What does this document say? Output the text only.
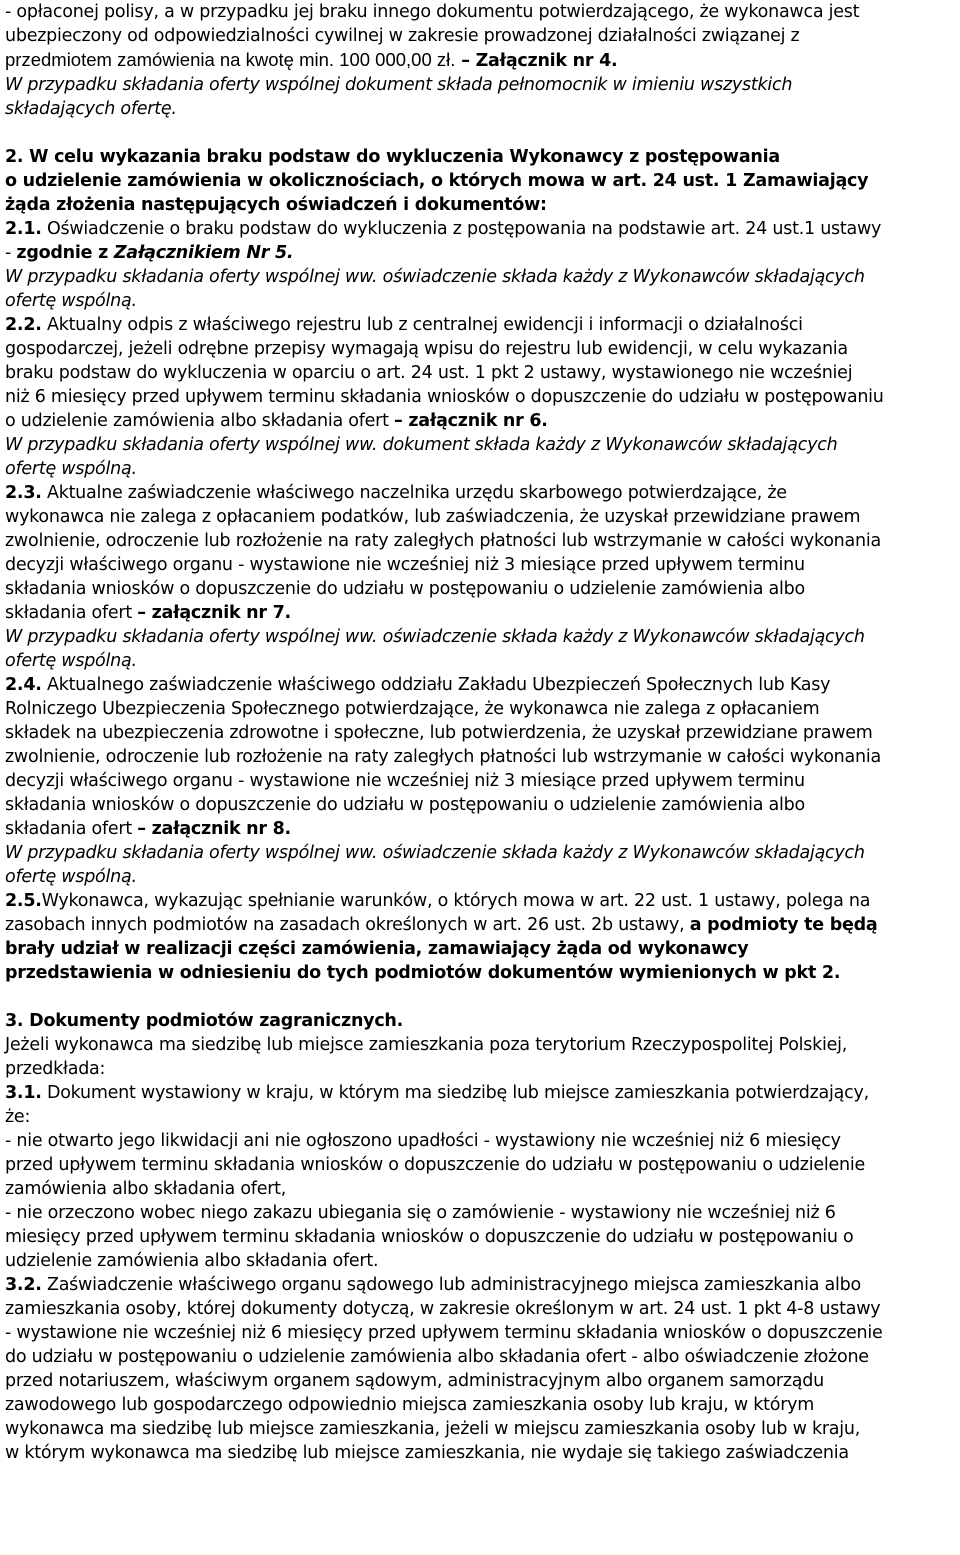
- opłaconej polisy, a w przypadku jej braku innego dokumentu potwierdzającego, że wykonawca jest

ubezpieczony od odpowiedzialności cywilnej w zakresie prowadzonej działalności związanej z

przedmiotem zamówienia na kwotę min. 100 000,00 zł. – Załącznik nr 4.

W przypadku składania oferty wspólnej dokument składa pełnomocnik w imieniu wszystkich

składających ofertę.

2. W celu wykazania braku podstaw do wykluczenia Wykonawcy z postępowania

o udzielenie zamówienia w okolicznościach, o których mowa w art. 24 ust. 1 Zamawiający

żąda złożenia następujących oświadczeń i dokumentów:

2.1. Oświadczenie o braku podstaw do wykluczenia z postępowania na podstawie art. 24 ust.1 ustawy

- zgodnie z Załącznikiem Nr 5.

W przypadku składania oferty wspólnej ww. oświadczenie składa każdy z Wykonawców składających

ofertę wspólną.

2.2. Aktualny odpis z właściwego rejestru lub z centralnej ewidencji i informacji o działalności

gospodarczej, jeżeli odrębne przepisy wymagają wpisu do rejestru lub ewidencji, w celu wykazania

braku podstaw do wykluczenia w oparciu o art. 24 ust. 1 pkt 2 ustawy, wystawionego nie wcześniej

niż 6 miesięcy przed upływem terminu składania wniosków o dopuszczenie do udziału w postępowaniu

o udzielenie zamówienia albo składania ofert – załącznik nr 6.

W przypadku składania oferty wspólnej ww. dokument składa każdy z Wykonawców składających

ofertę wspólną.

2.3. Aktualne zaświadczenie właściwego naczelnika urzędu skarbowego potwierdzające, że

wykonawca nie zalega z opłacaniem podatków, lub zaświadczenia, że uzyskał przewidziane prawem

zwolnienie, odroczenie lub rozłożenie na raty zaległych płatności lub wstrzymanie w całości wykonania

decyzji właściwego organu - wystawione nie wcześniej niż 3 miesiące przed upływem terminu

składania wniosków o dopuszczenie do udziału w postępowaniu o udzielenie zamówienia albo

składania ofert – załącznik nr 7.

W przypadku składania oferty wspólnej ww. oświadczenie składa każdy z Wykonawców składających

ofertę wspólną.

2.4. Aktualnego zaświadczenie właściwego oddziału Zakładu Ubezpieczeń Społecznych lub Kasy

Rolniczego Ubezpieczenia Społecznego potwierdzające, że wykonawca nie zalega z opłacaniem

składek na ubezpieczenia zdrowotne i społeczne, lub potwierdzenia, że uzyskał przewidziane prawem

zwolnienie, odroczenie lub rozłożenie na raty zaległych płatności lub wstrzymanie w całości wykonania

decyzji właściwego organu - wystawione nie wcześniej niż 3 miesiące przed upływem terminu

składania wniosków o dopuszczenie do udziału w postępowaniu o udzielenie zamówienia albo

składania ofert – załącznik nr 8.

W przypadku składania oferty wspólnej ww. oświadczenie składa każdy z Wykonawców składających

ofertę wspólną.

2.5.Wykonawca, wykazując spełnianie warunków, o których mowa w art. 22 ust. 1 ustawy, polega na

zasobach innych podmiotów na zasadach określonych w art. 26 ust. 2b ustawy, a podmioty te będą

brały udział w realizacji części zamówienia, zamawiający żąda od wykonawcy

przedstawienia w odniesieniu do tych podmiotów dokumentów wymienionych w pkt 2.

3. Dokumenty podmiotów zagranicznych.

Jeżeli wykonawca ma siedzibę lub miejsce zamieszkania poza terytorium Rzeczypospolitej Polskiej,

przedkłada:

3.1. Dokument wystawiony w kraju, w którym ma siedzibę lub miejsce zamieszkania potwierdzający,

że:

- nie otwarto jego likwidacji ani nie ogłoszono upadłości - wystawiony nie wcześniej niż 6 miesięcy

przed upływem terminu składania wniosków o dopuszczenie do udziału w postępowaniu o udzielenie

zamówienia albo składania ofert,

- nie orzeczono wobec niego zakazu ubiegania się o zamówienie - wystawiony nie wcześniej niż 6

miesięcy przed upływem terminu składania wniosków o dopuszczenie do udziału w postępowaniu o

udzielenie zamówienia albo składania ofert.

3.2. Zaświadczenie właściwego organu sądowego lub administracyjnego miejsca zamieszkania albo

zamieszkania osoby, której dokumenty dotyczą, w zakresie określonym w art. 24 ust. 1 pkt 4-8 ustawy

- wystawione nie wcześniej niż 6 miesięcy przed upływem terminu składania wniosków o dopuszczenie

do udziału w postępowaniu o udzielenie zamówienia albo składania ofert - albo oświadczenie złożone

przed notariuszem, właściwym organem sądowym, administracyjnym albo organem samorządu

zawodowego lub gospodarczego odpowiednio miejsca zamieszkania osoby lub kraju, w którym

wykonawca ma siedzibę lub miejsce zamieszkania, jeżeli w miejscu zamieszkania osoby lub w kraju,

w którym wykonawca ma siedzibę lub miejsce zamieszkania, nie wydaje się takiego zaświadczenia
